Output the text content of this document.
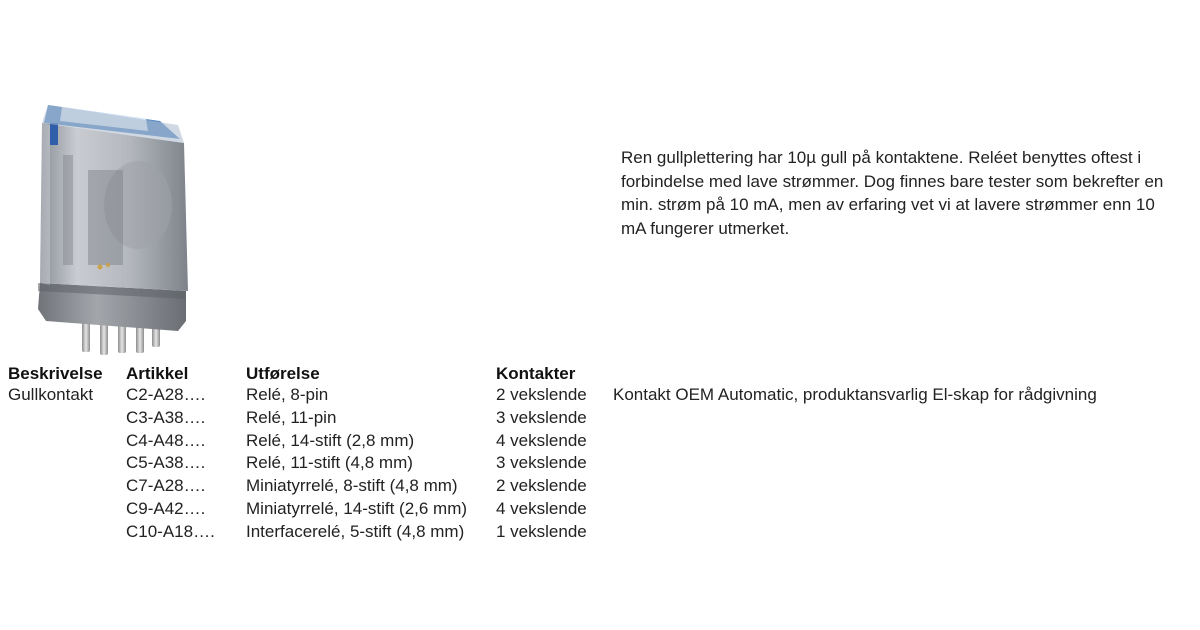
Ren gullplettering har 10µ gull på kontaktene. Reléet benyttes oftest i forbindelse med lave strømmer. Dog finnes bare tester som bekrefter en min. strøm på 10 mA, men av erfaring vet vi at lavere strømmer enn 10 mA fungerer utmerket.
Beskrivelse	Artikkel	Utførelse	Kontakter
Gullkontakt	C2-A28….	Relé, 8-pin	2 vekslende
	C3-A38….	Relé, 11-pin	3 vekslende
	C4-A48….	Relé, 14-stift (2,8 mm)	4 vekslende
	C5-A38….	Relé, 11-stift (4,8 mm)	3 vekslende
	C7-A28….	Miniatyrrelé, 8-stift (4,8 mm)	2 vekslende
	C9-A42….	Miniatyrrelé, 14-stift (2,6 mm)	4 vekslende
	C10-A18….	Interfacerelé, 5-stift (4,8 mm)	1 vekslende
Kontakt OEM Automatic, produktansvarlig El-skap for rådgivning
